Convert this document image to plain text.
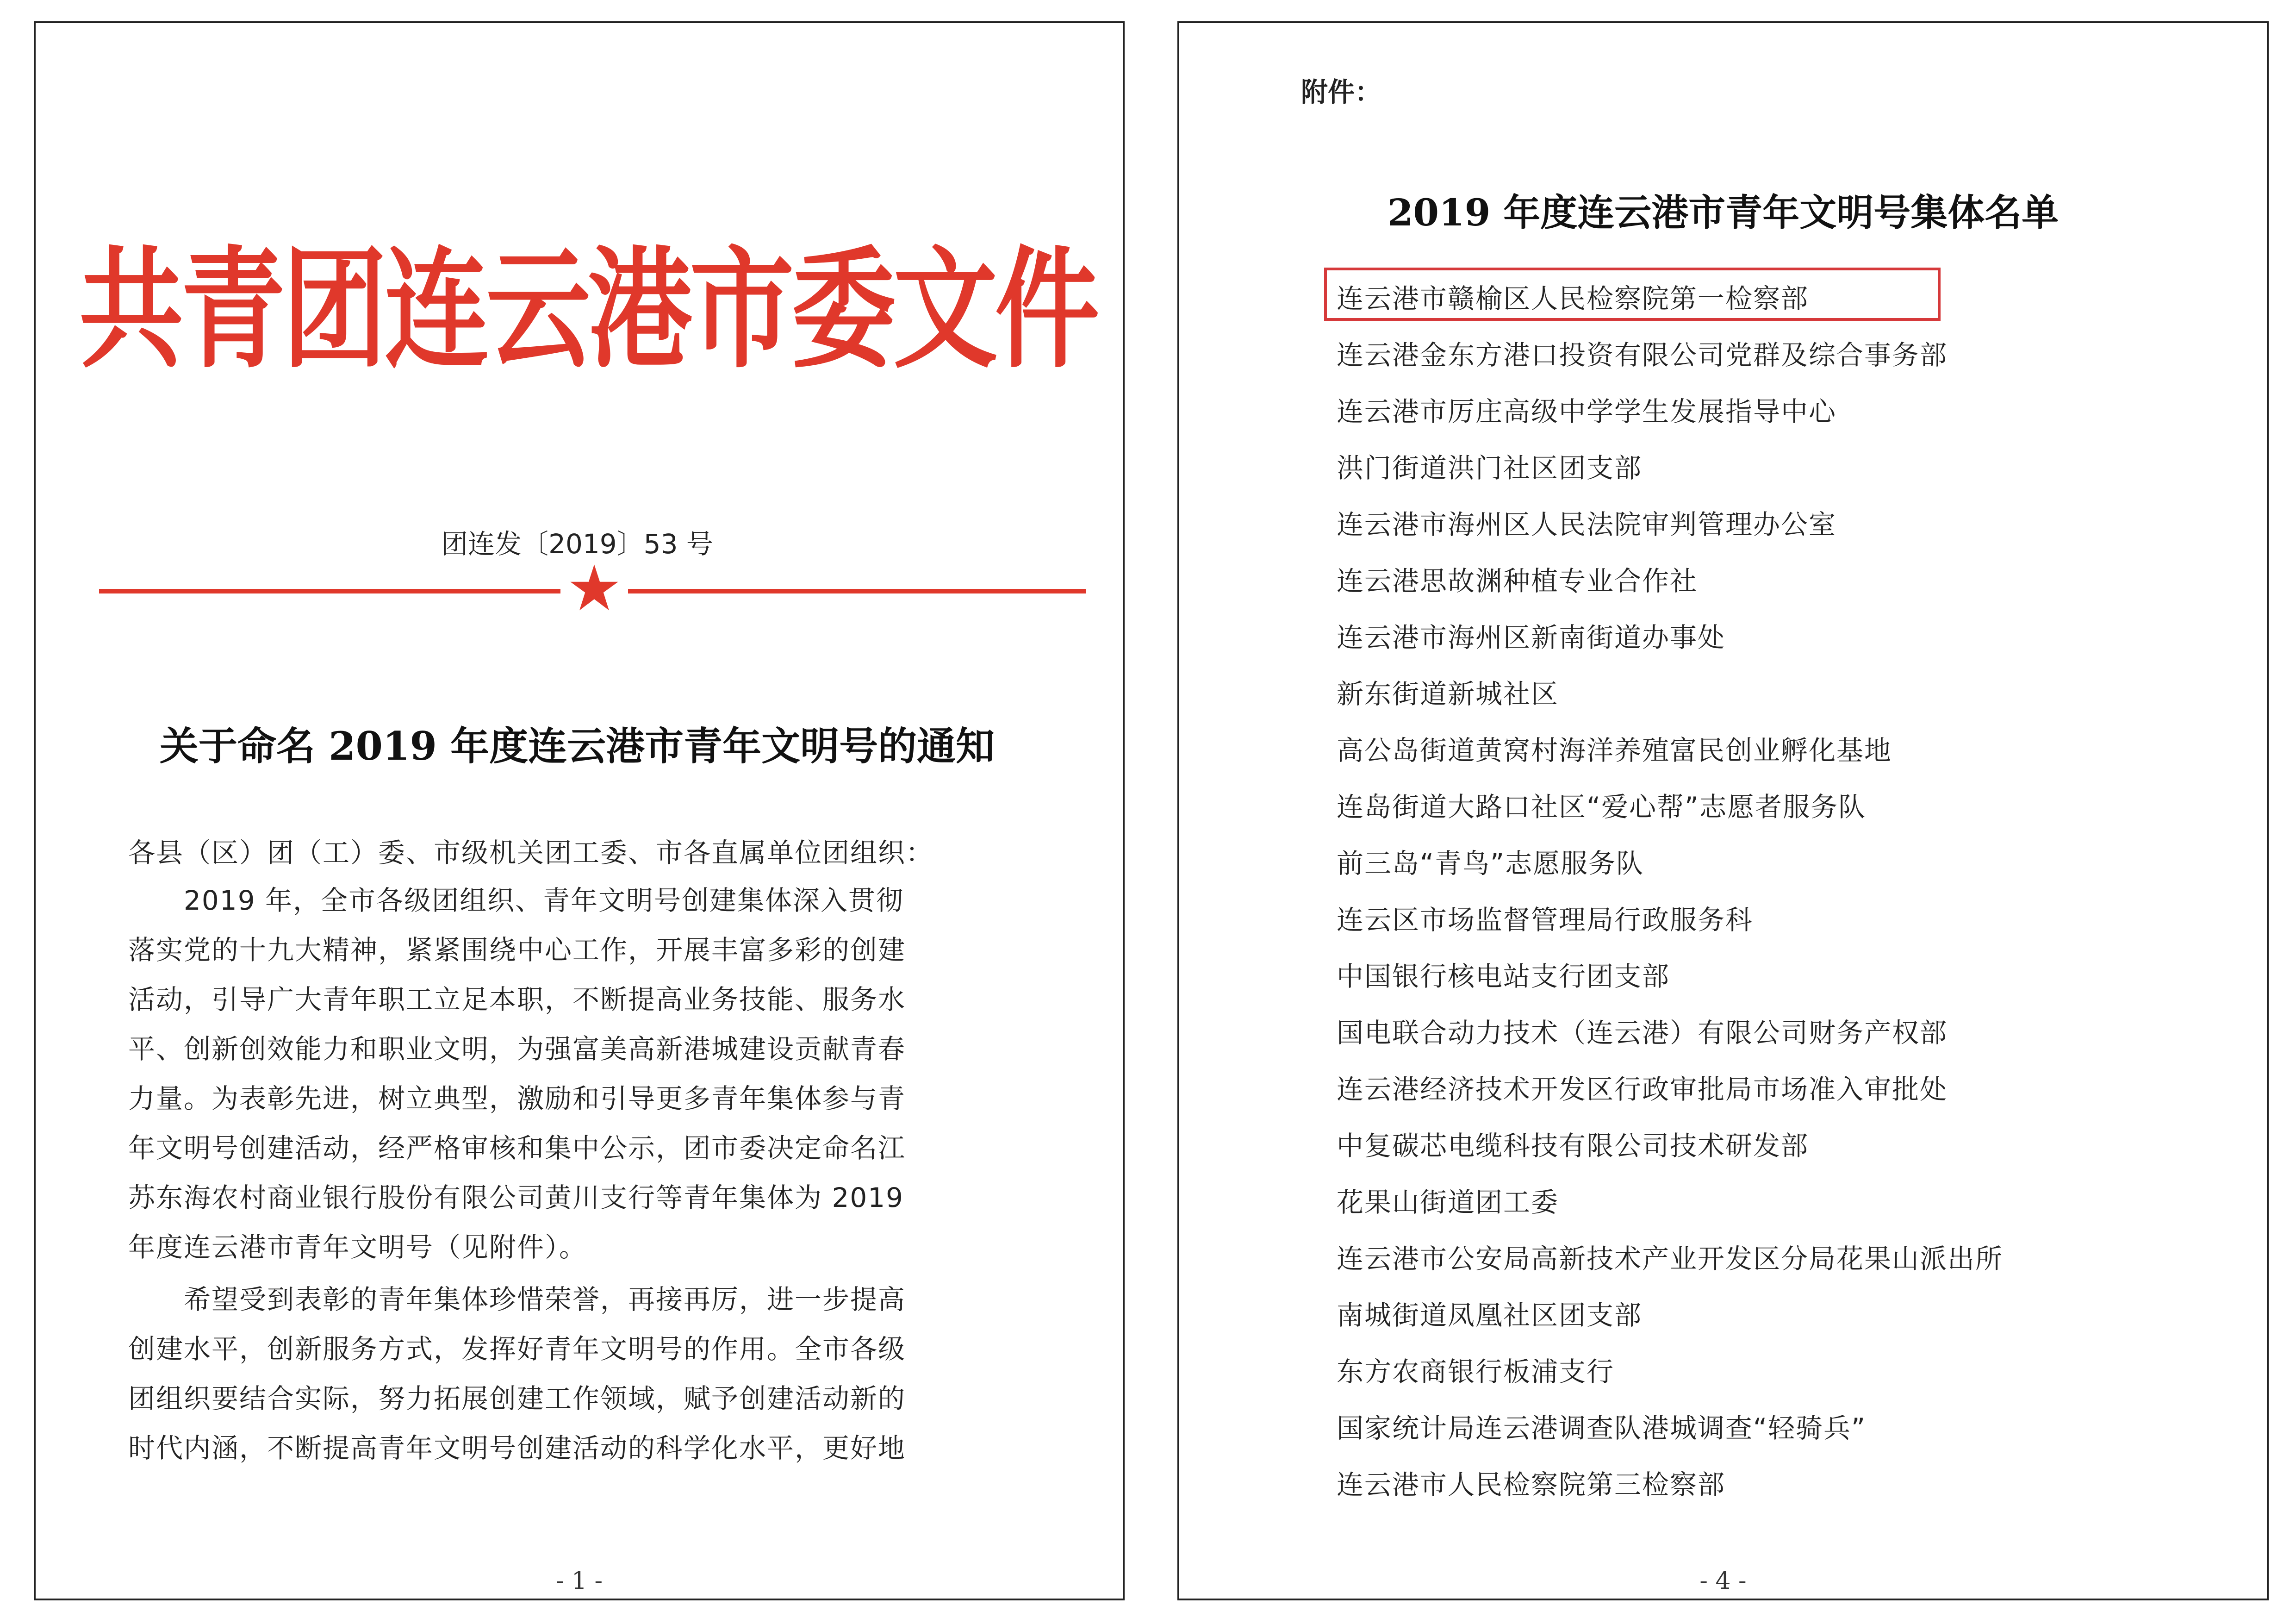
共青团连云港市委文件
团连发〔2019〕53 号
关于命名 2019 年度连云港市青年文明号的通知
各县（区）团（工）委、市级机关团工委、市各直属单位团组织：
2019 年，全市各级团组织、青年文明号创建集体深入贯彻
落实党的十九大精神，紧紧围绕中心工作，开展丰富多彩的创建
活动，引导广大青年职工立足本职，不断提高业务技能、服务水
平、创新创效能力和职业文明，为强富美高新港城建设贡献青春
力量。为表彰先进，树立典型，激励和引导更多青年集体参与青
年文明号创建活动，经严格审核和集中公示，团市委决定命名江
苏东海农村商业银行股份有限公司黄川支行等青年集体为 2019
年度连云港市青年文明号（见附件）。
希望受到表彰的青年集体珍惜荣誉，再接再厉，进一步提高
创建水平，创新服务方式，发挥好青年文明号的作用。全市各级
团组织要结合实际，努力拓展创建工作领域，赋予创建活动新的
时代内涵，不断提高青年文明号创建活动的科学化水平，更好地
- 1 -
附件：
2019 年度连云港市青年文明号集体名单
连云港市赣榆区人民检察院第一检察部
连云港金东方港口投资有限公司党群及综合事务部
连云港市厉庄高级中学学生发展指导中心
洪门街道洪门社区团支部
连云港市海州区人民法院审判管理办公室
连云港思故渊种植专业合作社
连云港市海州区新南街道办事处
新东街道新城社区
高公岛街道黄窝村海洋养殖富民创业孵化基地
连岛街道大路口社区“爱心帮”志愿者服务队
前三岛“青鸟”志愿服务队
连云区市场监督管理局行政服务科
中国银行核电站支行团支部
国电联合动力技术（连云港）有限公司财务产权部
连云港经济技术开发区行政审批局市场准入审批处
中复碳芯电缆科技有限公司技术研发部
花果山街道团工委
连云港市公安局高新技术产业开发区分局花果山派出所
南城街道凤凰社区团支部
东方农商银行板浦支行
国家统计局连云港调查队港城调查“轻骑兵”
连云港市人民检察院第三检察部
- 4 -
